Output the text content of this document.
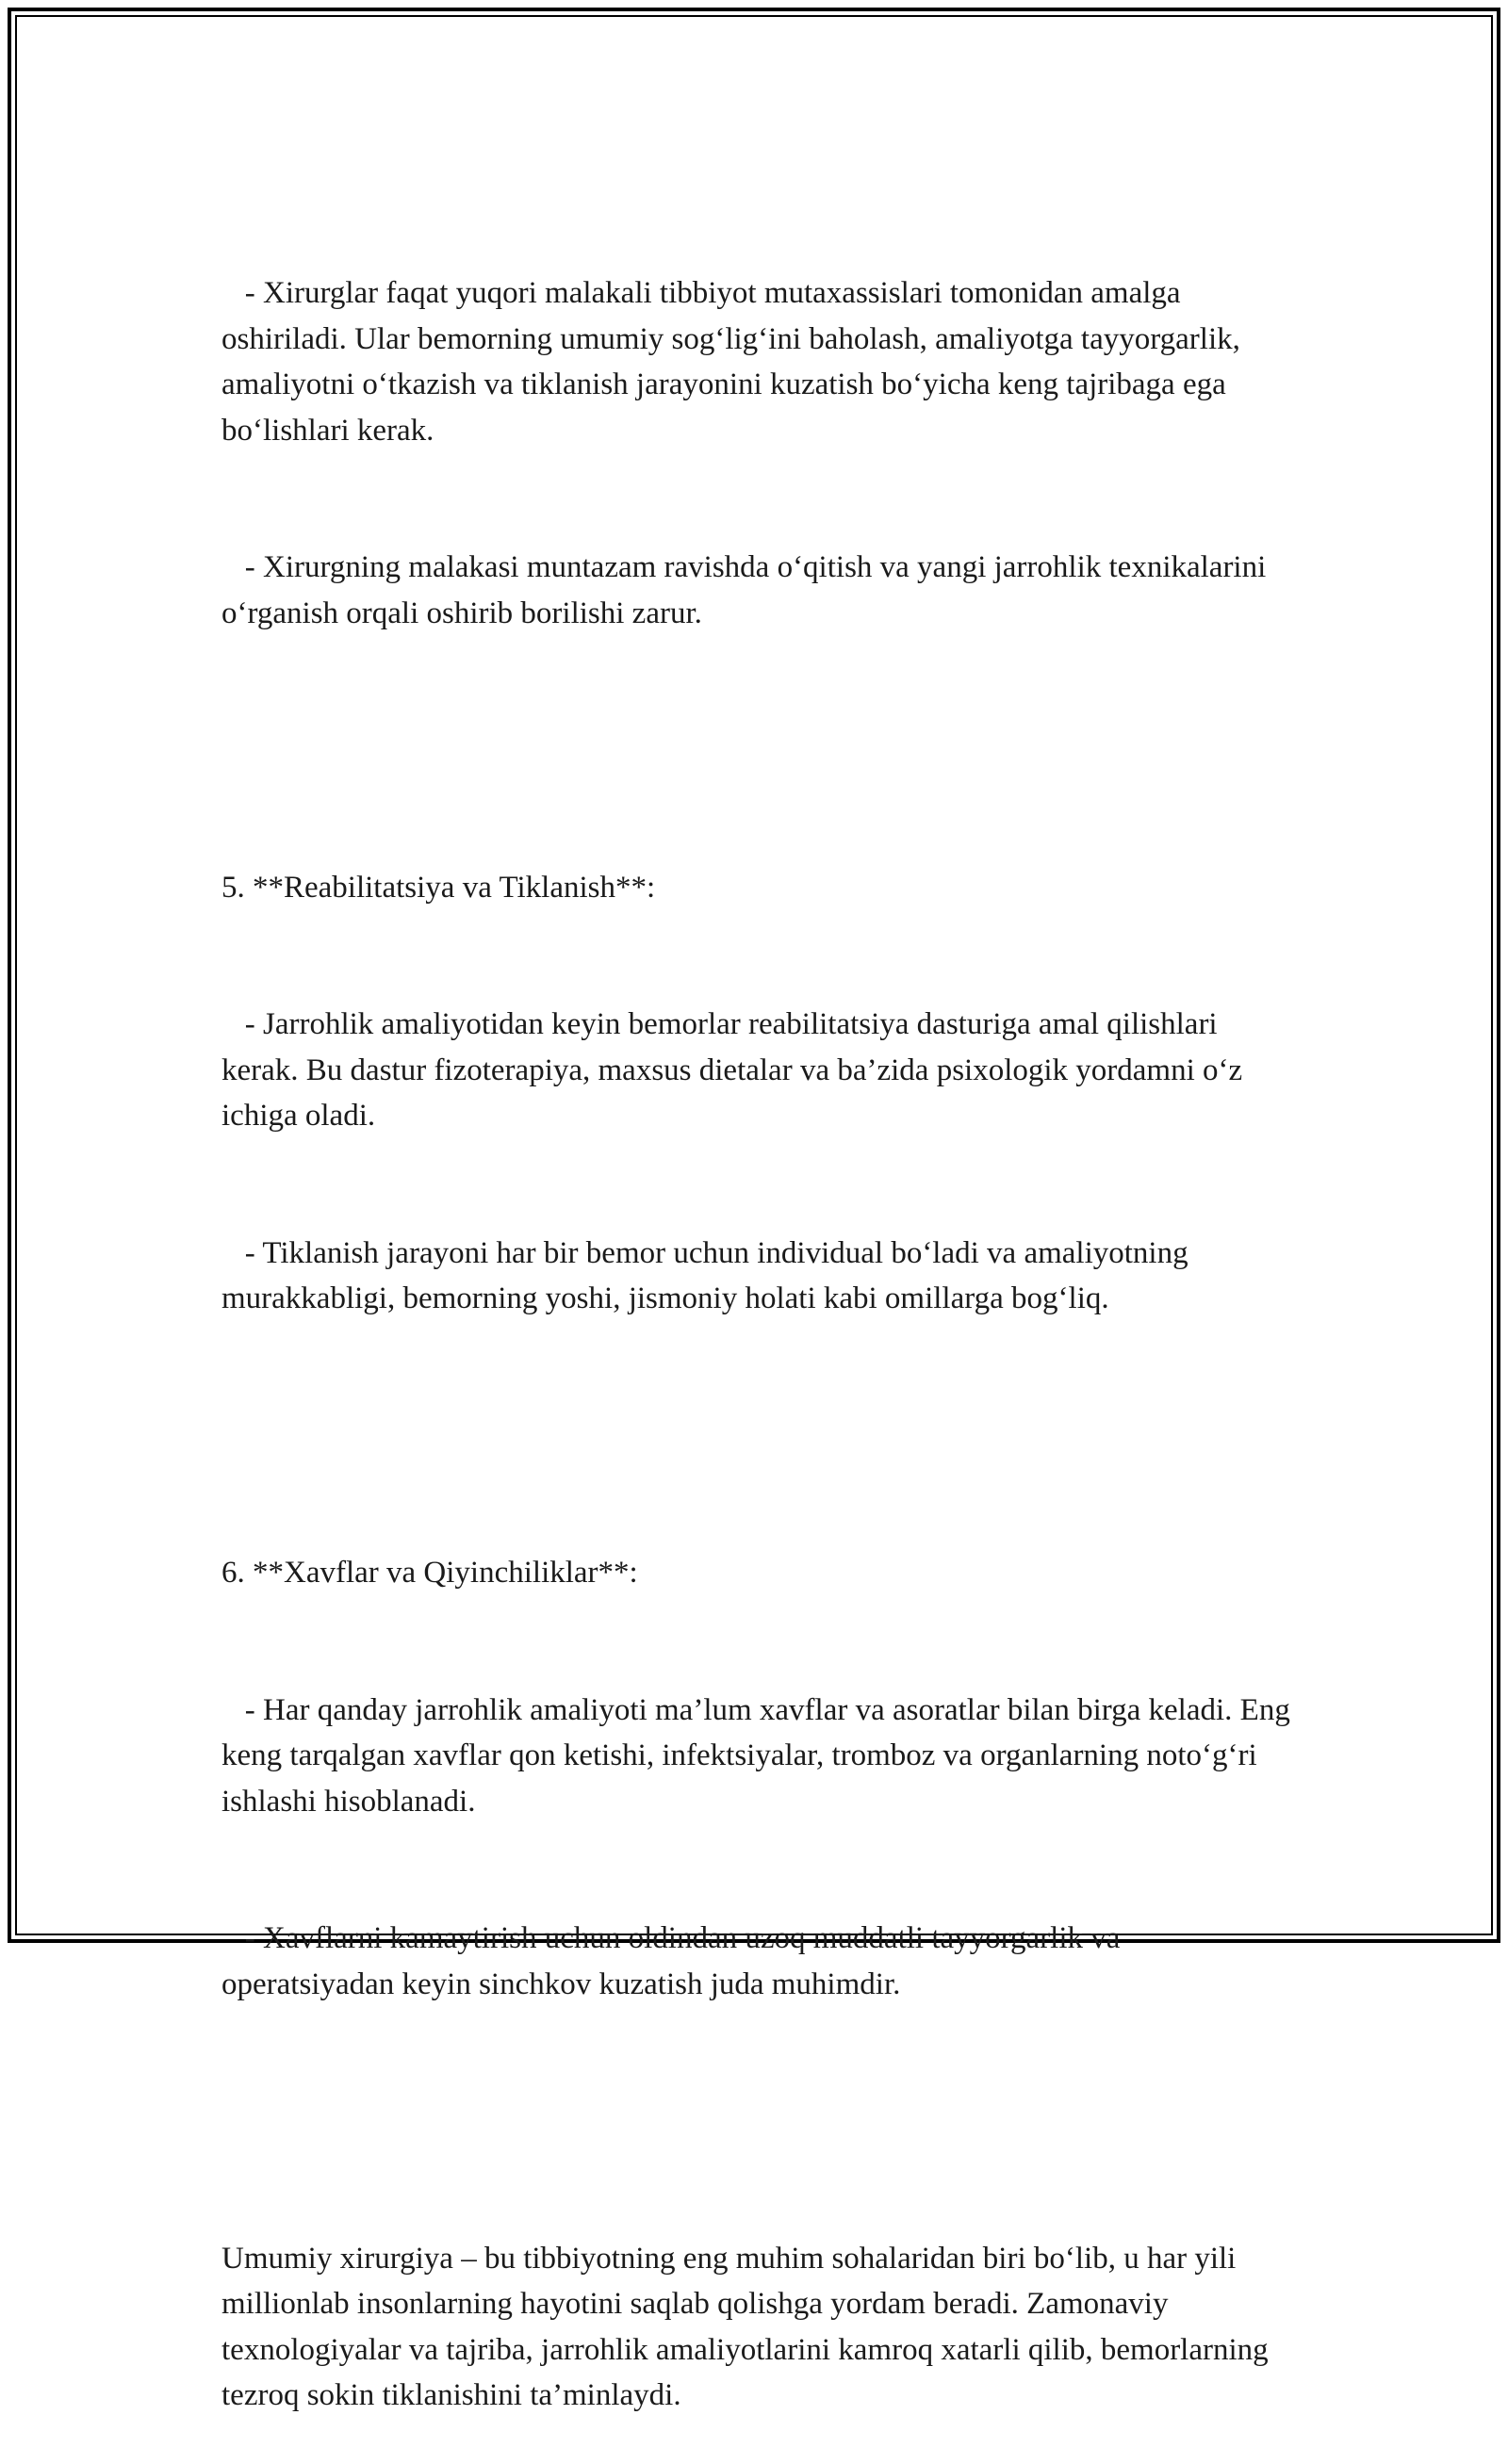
- Xirurglar faqat yuqori malakali tibbiyot mutaxassislari tomonidan amalga oshiriladi. Ular bemorning umumiy sog‘lig‘ini baholash, amaliyotga tayyorgarlik, amaliyotni o‘tkazish va tiklanish jarayonini kuzatish bo‘yicha keng tajribaga ega bo‘lishlari kerak.

- Xirurgning malakasi muntazam ravishda o‘qitish va yangi jarrohlik texnikalarini o‘rganish orqali oshirib borilishi zarur.

5. **Reabilitatsiya va Tiklanish**:

- Jarrohlik amaliyotidan keyin bemorlar reabilitatsiya dasturiga amal qilishlari kerak. Bu dastur fizoterapiya, maxsus dietalar va ba’zida psixologik yordamni o‘z ichiga oladi.

- Tiklanish jarayoni har bir bemor uchun individual bo‘ladi va amaliyotning murakkabligi, bemorning yoshi, jismoniy holati kabi omillarga bog‘liq.

6. **Xavflar va Qiyinchiliklar**:

- Har qanday jarrohlik amaliyoti ma’lum xavflar va asoratlar bilan birga keladi. Eng keng tarqalgan xavflar qon ketishi, infektsiyalar, tromboz va organlarning noto‘g‘ri ishlashi hisoblanadi.

- Xavflarni kamaytirish uchun oldindan uzoq muddatli tayyorgarlik va operatsiyadan keyin sinchkov kuzatish juda muhimdir.

Umumiy xirurgiya – bu tibbiyotning eng muhim sohalaridan biri bo‘lib, u har yili millionlab insonlarning hayotini saqlab qolishga yordam beradi. Zamonaviy texnologiyalar va tajriba, jarrohlik amaliyotlarini kamroq xatarli qilib, bemorlarning tezroq sokin tiklanishini ta’minlaydi.
